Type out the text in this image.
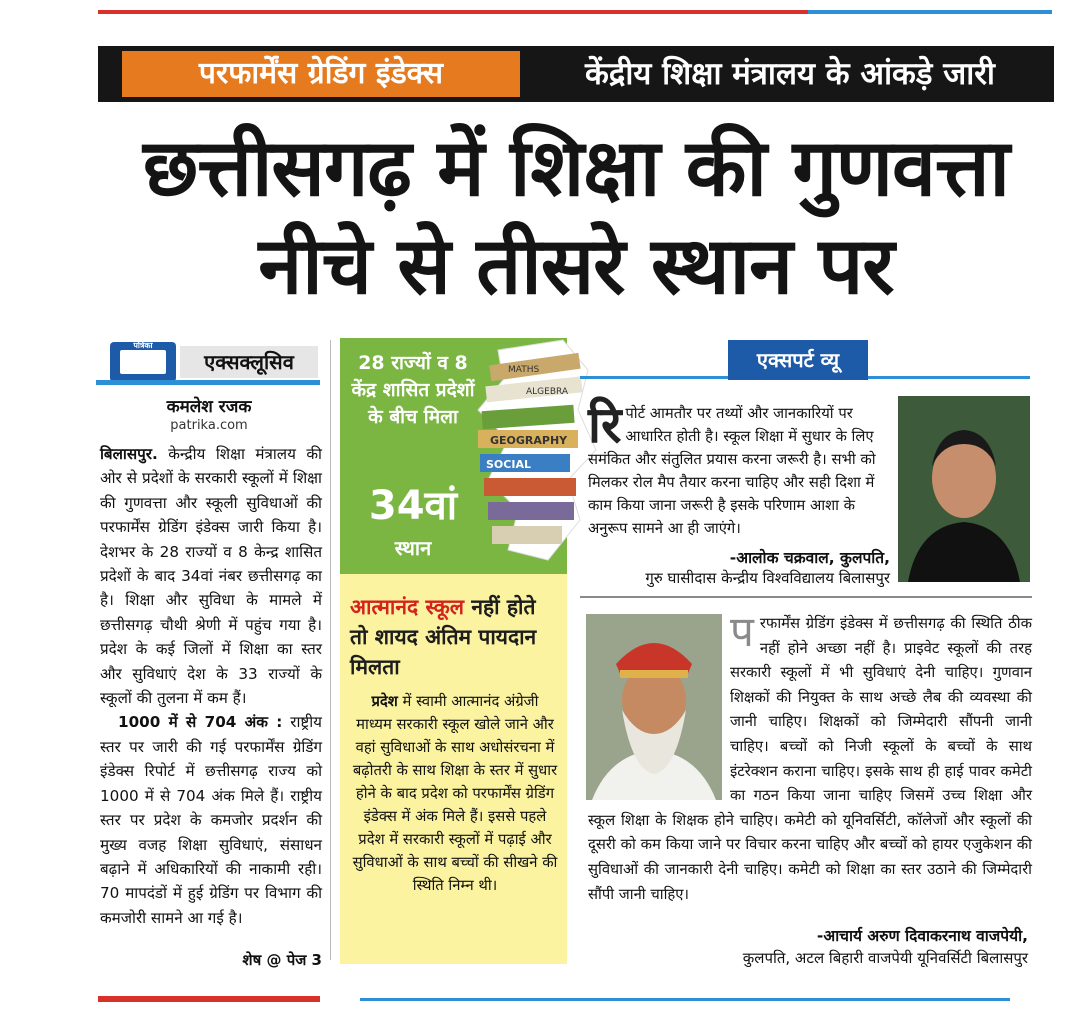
परफार्मेंस ग्रेडिंग इंडेक्स	केंद्रीय शिक्षा मंत्रालय के आंकड़े जारी
छत्तीसगढ़ में शिक्षा की गुणवत्ता
नीचे से तीसरे स्थान पर
पत्रिका
एक्सक्लूसिव
कमलेश रजक
patrika.com

बिलासपुर. केन्द्रीय शिक्षा मंत्रालय की ओर से प्रदेशों के सरकारी स्कूलों में शिक्षा की गुणवत्ता और स्कूली सुविधाओं की परफार्मेंस ग्रेडिंग इंडेक्स जारी किया है। देशभर के 28 राज्यों व 8 केन्द्र शासित प्रदेशों के बाद 34वां नंबर छत्तीसगढ़ का है। शिक्षा और सुविधा के मामले में छत्तीसगढ़ चौथी श्रेणी में पहुंच गया है। प्रदेश के कई जिलों में शिक्षा का स्तर और सुविधाएं देश के 33 राज्यों के स्कूलों की तुलना में कम हैं।

1000 में से 704 अंक : राष्ट्रीय स्तर पर जारी की गई परफार्मेंस ग्रेडिंग इंडेक्स रिपोर्ट में छत्तीसगढ़ राज्य को 1000 में से 704 अंक मिले हैं। राष्ट्रीय स्तर पर प्रदेश के कमजोर प्रदर्शन की मुख्य वजह शिक्षा सुविधाएं, संसाधन बढ़ाने में अधिकारियों की नाकामी रही। 70 मापदंडों में हुई ग्रेडिंग पर विभाग की कमजोरी सामने आ गई है।

शेष @ पेज 3
GEOGRAPHY
SOCIAL
ALGEBRA
MATHS
28 राज्यों व 8 केंद्र शासित प्रदेशों के बीच मिला
34वां
स्थान
आत्मानंद स्कूल नहीं होते तो शायद अंतिम पायदान मिलता
प्रदेश में स्वामी आत्मानंद अंग्रेजी माध्यम सरकारी स्कूल खोले जाने और वहां सुविधाओं के साथ अधोसंरचना में बढ़ोतरी के साथ शिक्षा के स्तर में सुधार होने के बाद प्रदेश को परफार्मेंस ग्रेडिंग इंडेक्स में अंक मिले हैं। इससे पहले प्रदेश में सरकारी स्कूलों में पढ़ाई और सुविधाओं के साथ बच्चों की सीखने की स्थिति निम्न थी।
एक्सपर्ट व्यू
रिपोर्ट आमतौर पर तथ्यों और जानकारियों पर आधारित होती है। स्कूल शिक्षा में सुधार के लिए समंकित और संतुलित प्रयास करना जरूरी है। सभी को मिलकर रोल मैप तैयार करना चाहिए और सही दिशा में काम किया जाना जरूरी है इसके परिणाम आशा के अनुरूप सामने आ ही जाएंगे।
-आलोक चक्रवाल, कुलपति,
गुरु घासीदास केन्द्रीय विश्वविद्यालय बिलासपुर
परफार्मेंस ग्रेडिंग इंडेक्स में छत्तीसगढ़ की स्थिति ठीक नहीं होने अच्छा नहीं है। प्राइवेट स्कूलों की तरह सरकारी स्कूलों में भी सुविधाएं देनी चाहिए। गुणवान शिक्षकों की नियुक्त के साथ अच्छे लैब की व्यवस्था की जानी चाहिए। शिक्षकों को जिम्मेदारी सौंपनी जानी चाहिए। बच्चों को निजी स्कूलों के बच्चों के साथ इंटरेक्शन कराना चाहिए। इसके साथ ही हाई पावर कमेटी का गठन किया जाना चाहिए जिसमें उच्च शिक्षा और स्कूल शिक्षा के शिक्षक होने चाहिए। कमेटी को यूनिवर्सिटी, कॉलेजों और स्कूलों की दूसरी को कम किया जाने पर विचार करना चाहिए और बच्चों को हायर एजुकेशन की सुविधाओं की जानकारी देनी चाहिए। कमेटी को शिक्षा का स्तर उठाने की जिम्मेदारी सौंपी जानी चाहिए।
-आचार्य अरुण दिवाकरनाथ वाजपेयी,
कुलपति, अटल बिहारी वाजपेयी यूनिवर्सिटी बिलासपुर
